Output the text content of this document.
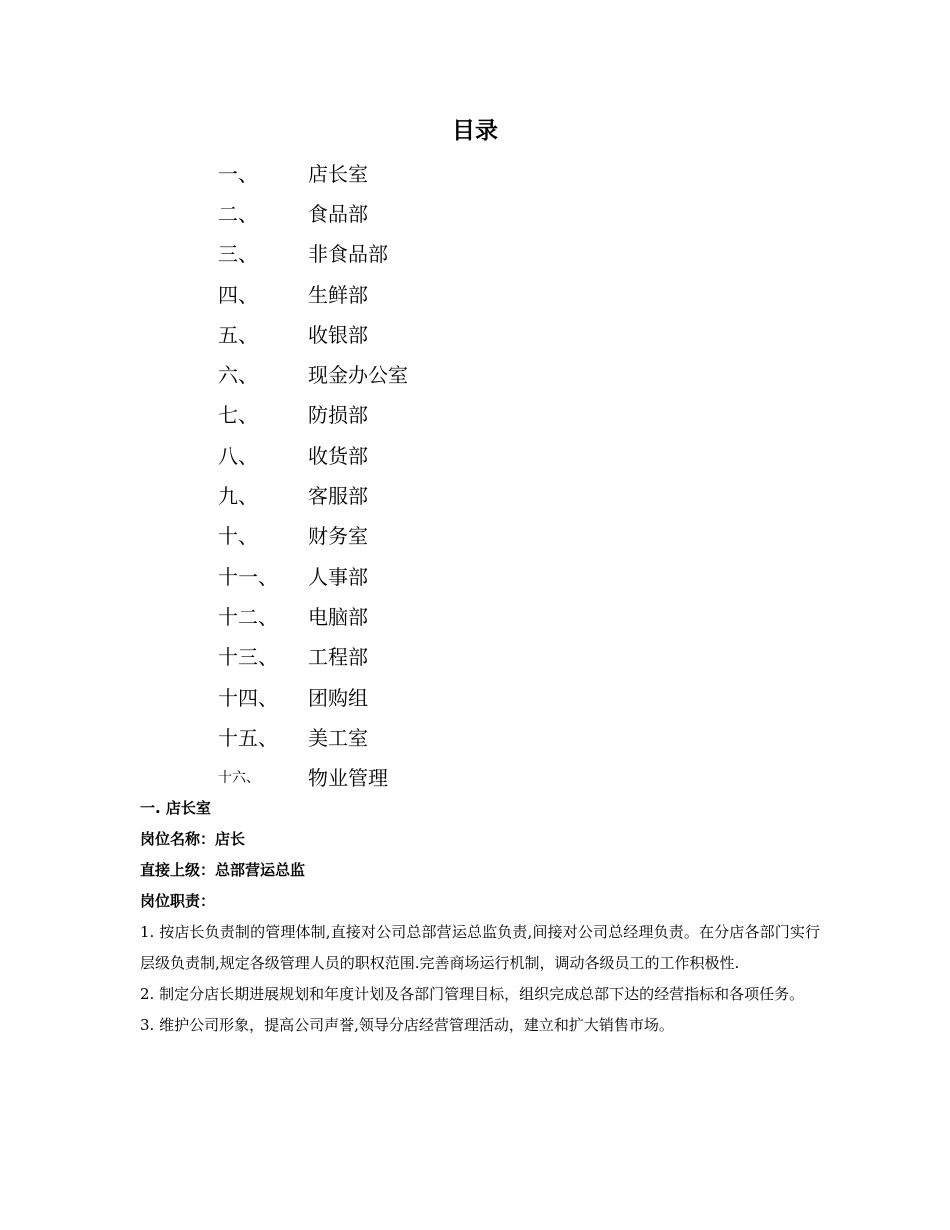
目录
一、	店长室
二、	食品部
三、	非食品部
四、	生鲜部
五、	收银部
六、	现金办公室
七、	防损部
八、	收货部
九、	客服部
十、	财务室
十一、	人事部
十二、	电脑部
十三、	工程部
十四、	团购组
十五、	美工室
十六、	物业管理
一. 店长室
岗位名称：店长
直接上级：总部营运总监
岗位职责：
1. 按店长负责制的管理体制,直接对公司总部营运总监负责,间接对公司总经理负责。在分店各部门实行层级负责制,规定各级管理人员的职权范围.完善商场运行机制，调动各级员工的工作积极性.
2. 制定分店长期进展规划和年度计划及各部门管理目标，组织完成总部下达的经营指标和各项任务。
3. 维护公司形象，提高公司声誉,领导分店经营管理活动，建立和扩大销售市场。
